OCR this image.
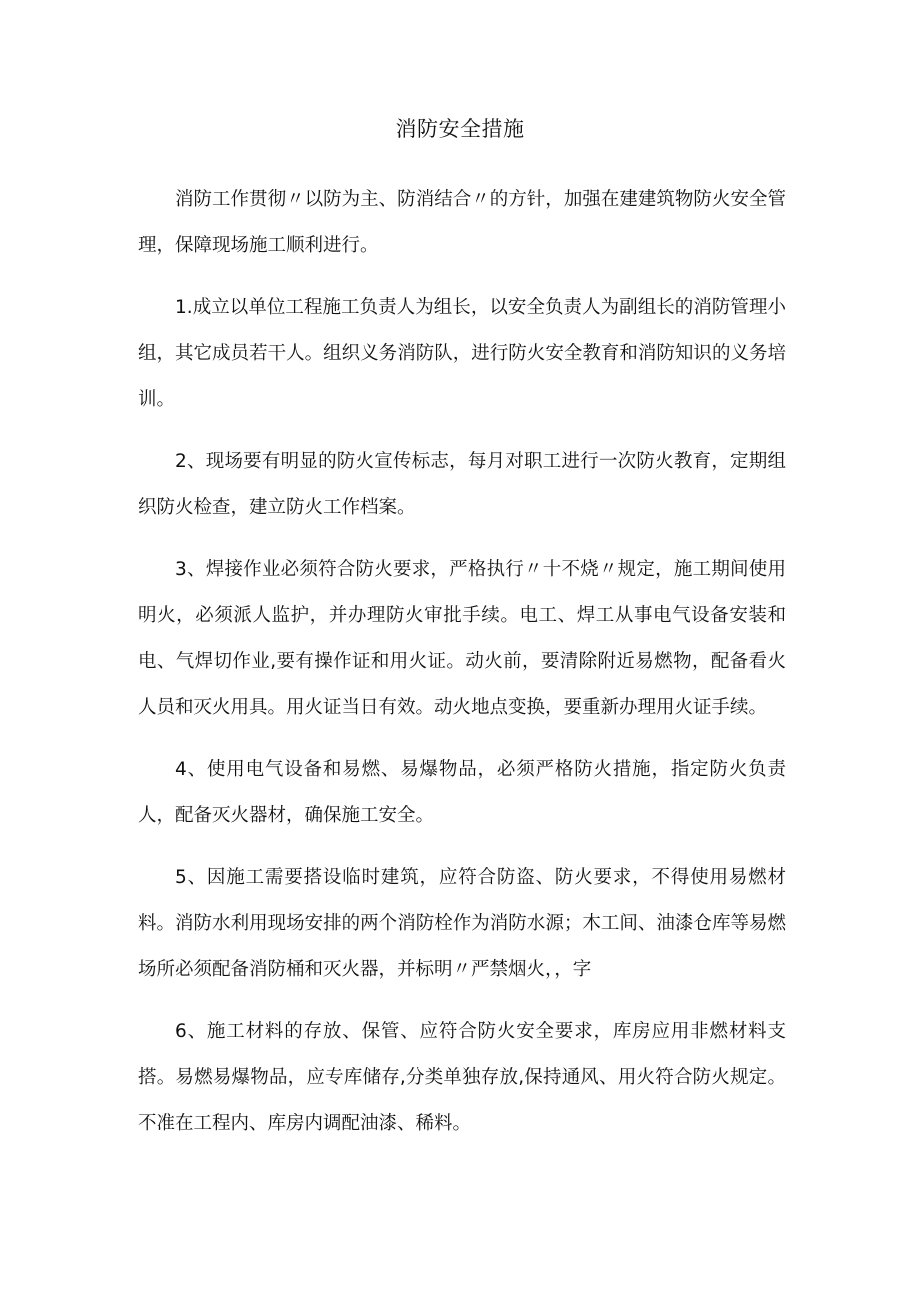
消防安全措施

消防工作贯彻〃以防为主、防消结合〃的方针，加强在建建筑物防火安全管理，保障现场施工顺利进行。

1.成立以单位工程施工负责人为组长，以安全负责人为副组长的消防管理小组，其它成员若干人。组织义务消防队，进行防火安全教育和消防知识的义务培训。

2、现场要有明显的防火宣传标志，每月对职工进行一次防火教育，定期组织防火检查，建立防火工作档案。

3、焊接作业必须符合防火要求，严格执行〃十不烧〃规定，施工期间使用明火，必须派人监护，并办理防火审批手续。电工、焊工从事电气设备安装和电、气焊切作业,要有操作证和用火证。动火前，要清除附近易燃物，配备看火人员和灭火用具。用火证当日有效。动火地点变换，要重新办理用火证手续。

4、使用电气设备和易燃、易爆物品，必须严格防火措施，指定防火负责人，配备灭火器材，确保施工安全。

5、因施工需要搭设临时建筑，应符合防盗、防火要求，不得使用易燃材料。消防水利用现场安排的两个消防栓作为消防水源；木工间、油漆仓库等易燃场所必须配备消防桶和灭火器，并标明〃严禁烟火，，字

6、施工材料的存放、保管、应符合防火安全要求，库房应用非燃材料支搭。易燃易爆物品，应专库储存,分类单独存放,保持通风、用火符合防火规定。不准在工程内、库房内调配油漆、稀料。
